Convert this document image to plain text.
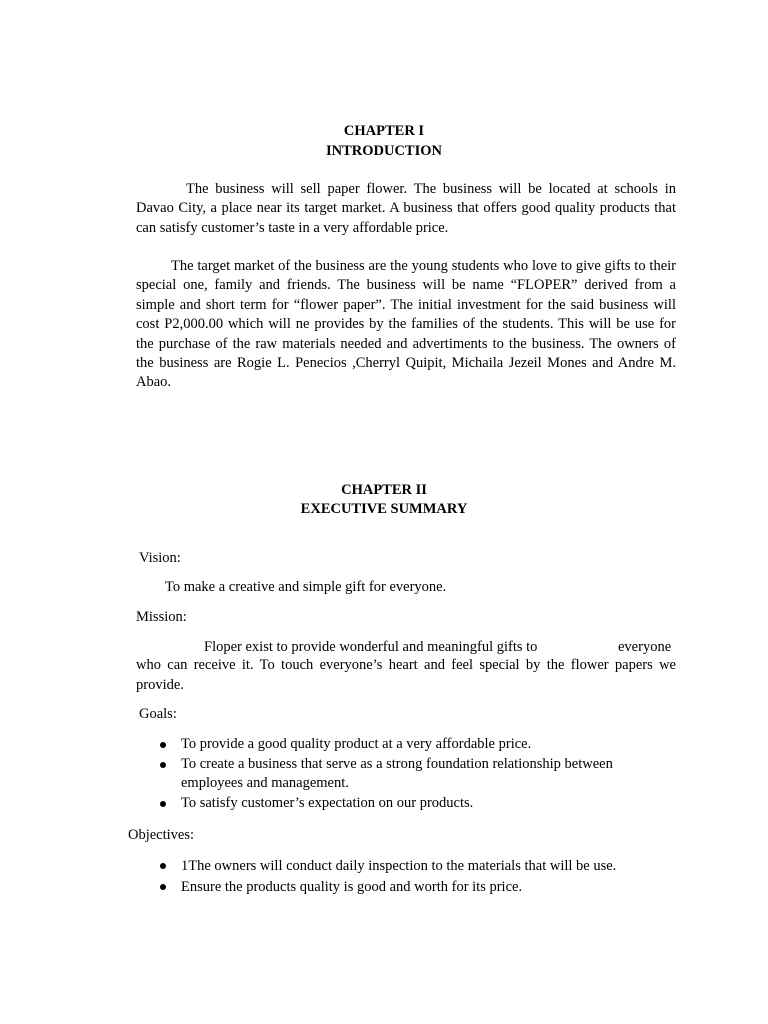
CHAPTER I
INTRODUCTION

The business will sell paper flower. The business will be located at schools in Davao City, a place near its target market. A business that offers good quality products that can satisfy customer’s taste in a very affordable price.

The target market of the business are the young students who love to give gifts to their special one, family and friends. The business will be name “FLOPER” derived from a simple and short term for “flower paper”. The initial investment for the said business will cost P2,000.00 which will ne provides by the families of the students. This will be use for the purchase of the raw materials needed and advertiments to the business. The owners of the business are Rogie L. Penecios ,Cherryl Quipit, Michaila Jezeil Mones and Andre M. Abao.

CHAPTER II
EXECUTIVE SUMMARY
Vision:
To make a creative and simple gift for everyone.
Mission:
Floper exist to provide wonderful and meaningful gifts to	everyone

who can receive it. To touch everyone’s heart and feel special by the flower papers we provide.

Goals:
To provide a good quality product at a very affordable price.
To create a business that serve as a strong foundation relationship between employees and management.
To satisfy customer’s expectation on our products.
Objectives:
1The owners will conduct daily inspection to the materials that will be use.
Ensure the products quality is good and worth for its price.
